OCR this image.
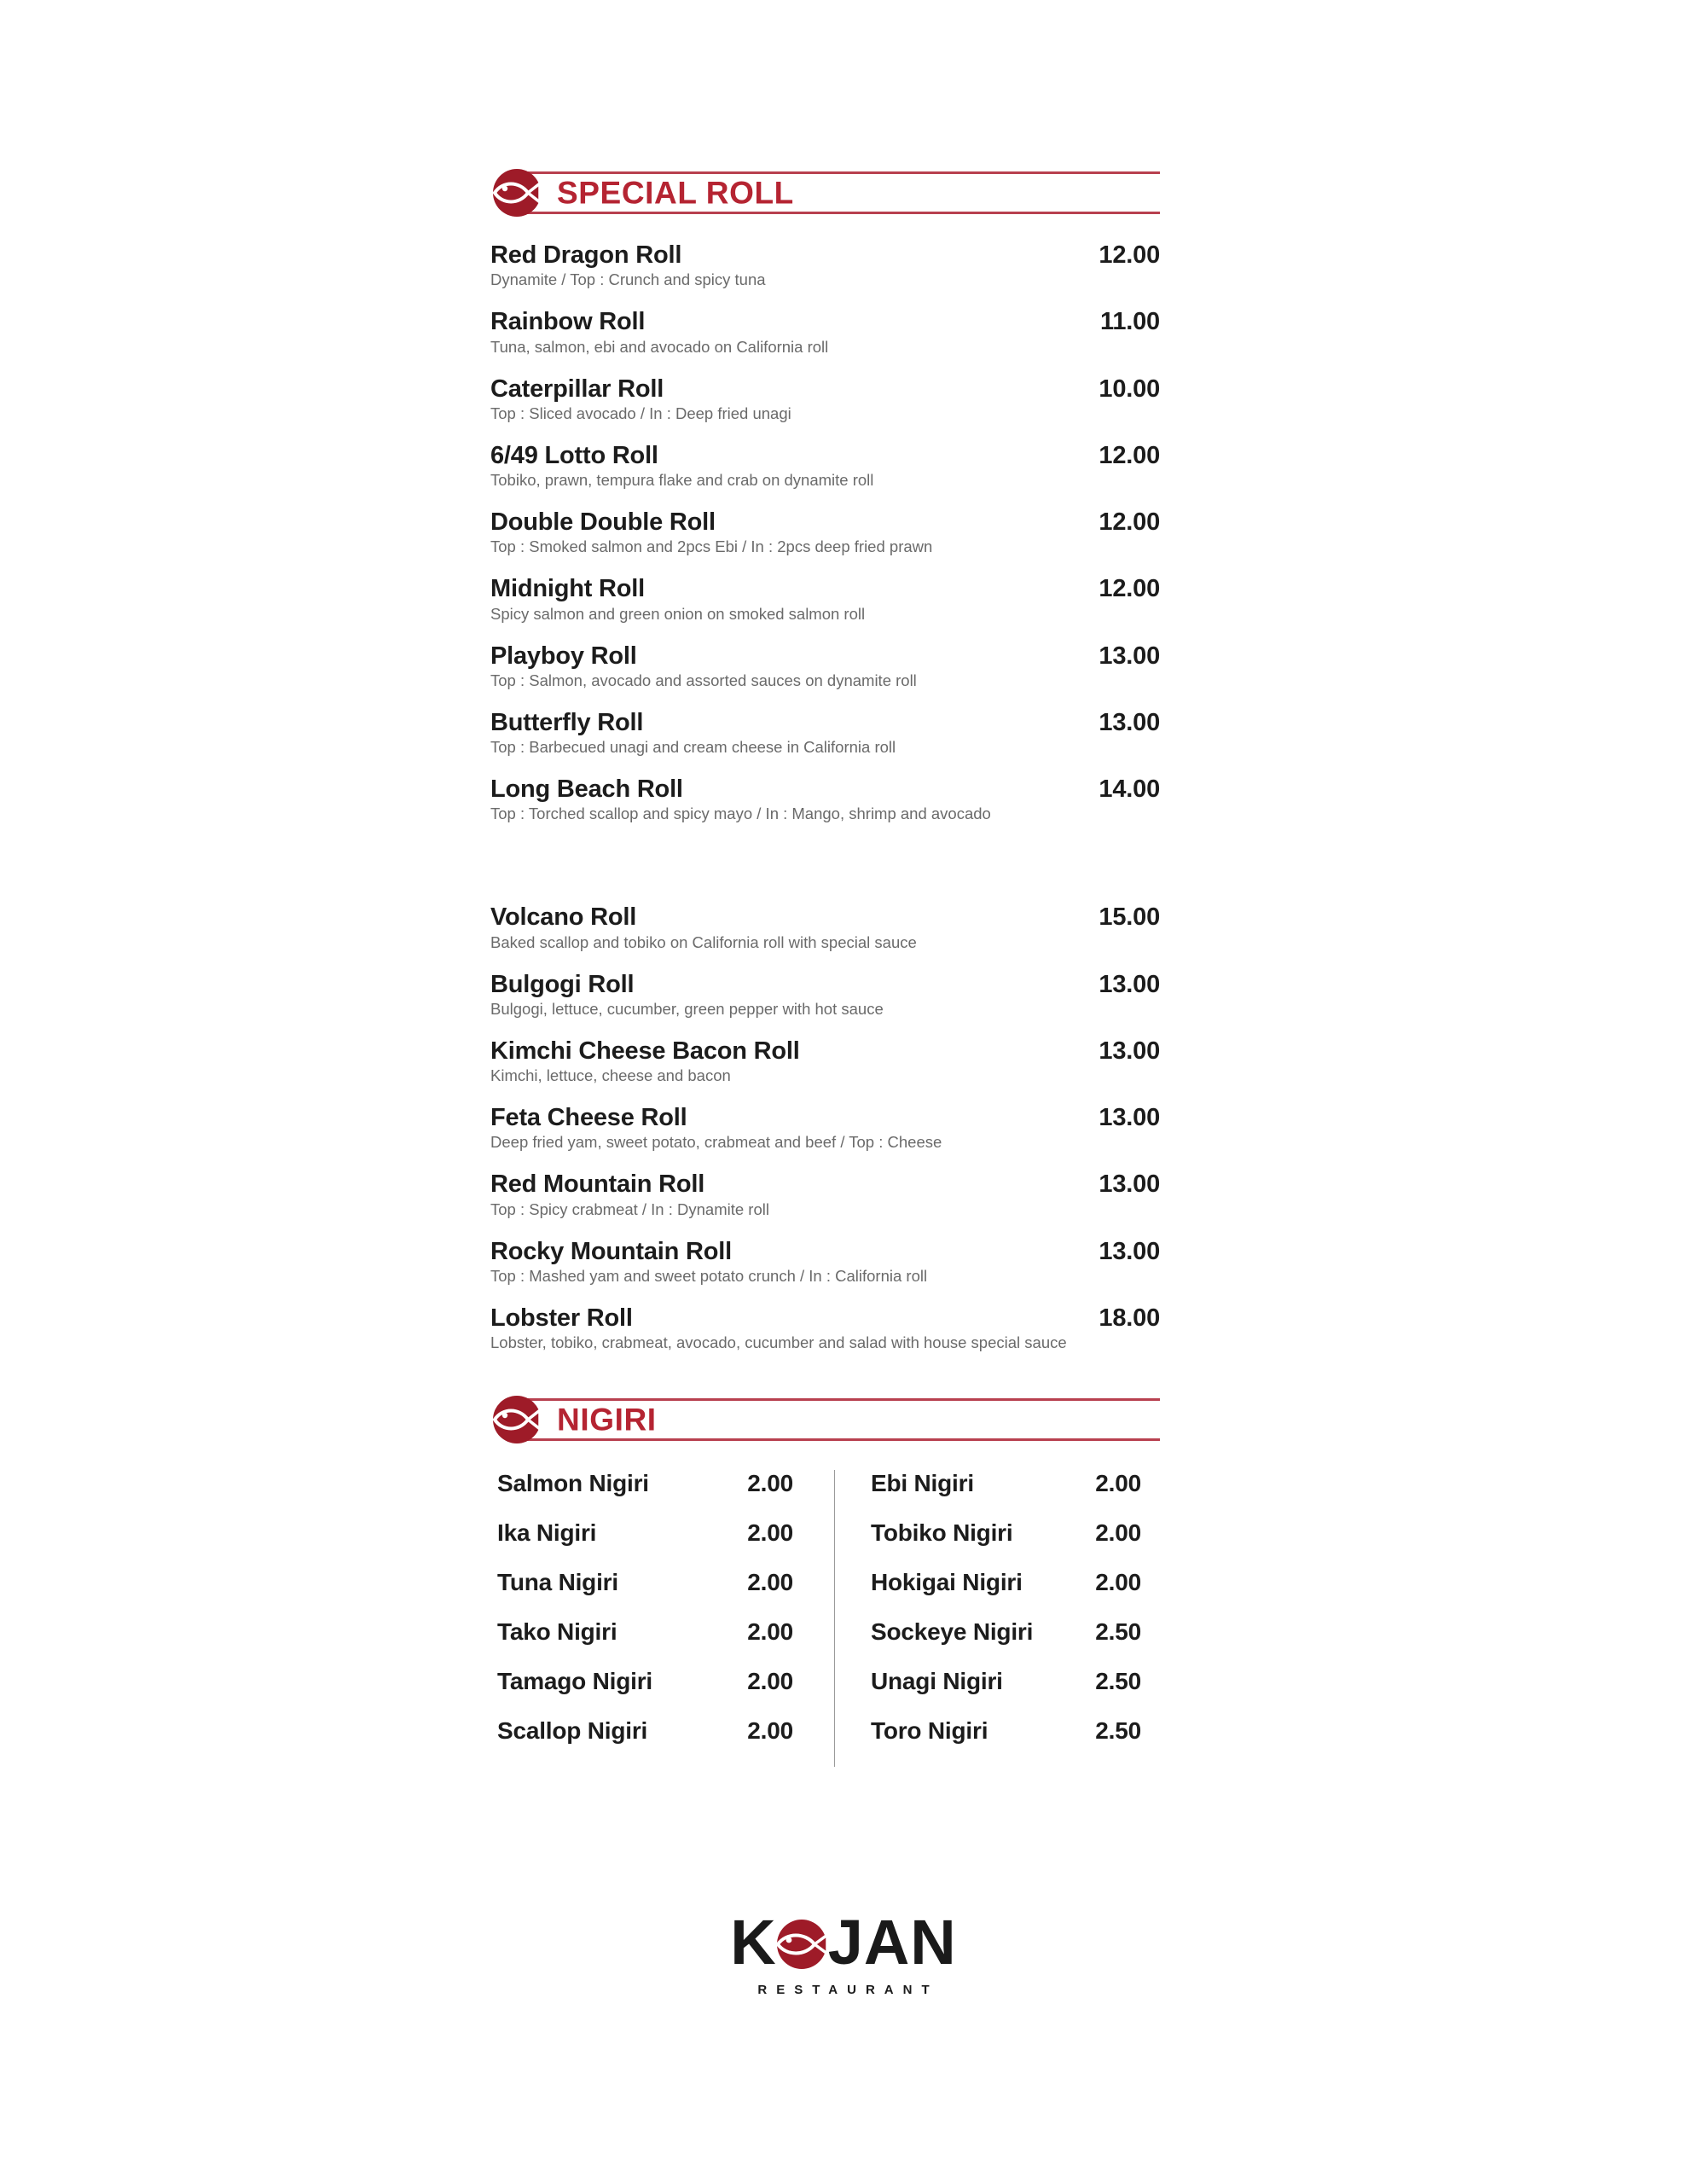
SPECIAL ROLL
Red Dragon Roll	12.00
Dynamite / Top : Crunch and spicy tuna
Rainbow Roll	11.00
Tuna, salmon, ebi and avocado on California roll
Caterpillar Roll	10.00
Top : Sliced avocado / In : Deep fried unagi
6/49 Lotto Roll	12.00
Tobiko, prawn, tempura flake and crab on dynamite roll
Double Double Roll	12.00
Top : Smoked salmon and 2pcs Ebi / In : 2pcs deep fried prawn
Midnight Roll	12.00
Spicy salmon and green onion on smoked salmon roll
Playboy Roll	13.00
Top : Salmon, avocado and assorted sauces on dynamite roll
Butterfly Roll	13.00
Top : Barbecued unagi and cream cheese in California roll
Long Beach Roll	14.00
Top : Torched scallop and spicy mayo / In : Mango, shrimp and avocado
Volcano Roll	15.00
Baked scallop and tobiko on California roll with special sauce
Bulgogi Roll	13.00
Bulgogi, lettuce, cucumber, green pepper with hot sauce
Kimchi Cheese Bacon Roll	13.00
Kimchi, lettuce, cheese and bacon
Feta Cheese Roll	13.00
Deep fried yam, sweet potato, crabmeat and beef / Top : Cheese
Red Mountain Roll	13.00
Top : Spicy crabmeat / In : Dynamite roll
Rocky Mountain Roll	13.00
Top : Mashed yam and sweet potato crunch / In : California roll
Lobster Roll	18.00
Lobster, tobiko, crabmeat, avocado, cucumber and salad with house special sauce
NIGIRI
Salmon Nigiri	2.00	Ebi Nigiri	2.00
Ika Nigiri	2.00	Tobiko Nigiri	2.00
Tuna Nigiri	2.00	Hokigai Nigiri	2.00
Tako Nigiri	2.00	Sockeye Nigiri	2.50
Tamago Nigiri	2.00	Unagi Nigiri	2.50
Scallop Nigiri	2.00	Toro Nigiri	2.50
K JAN
RESTAURANT
